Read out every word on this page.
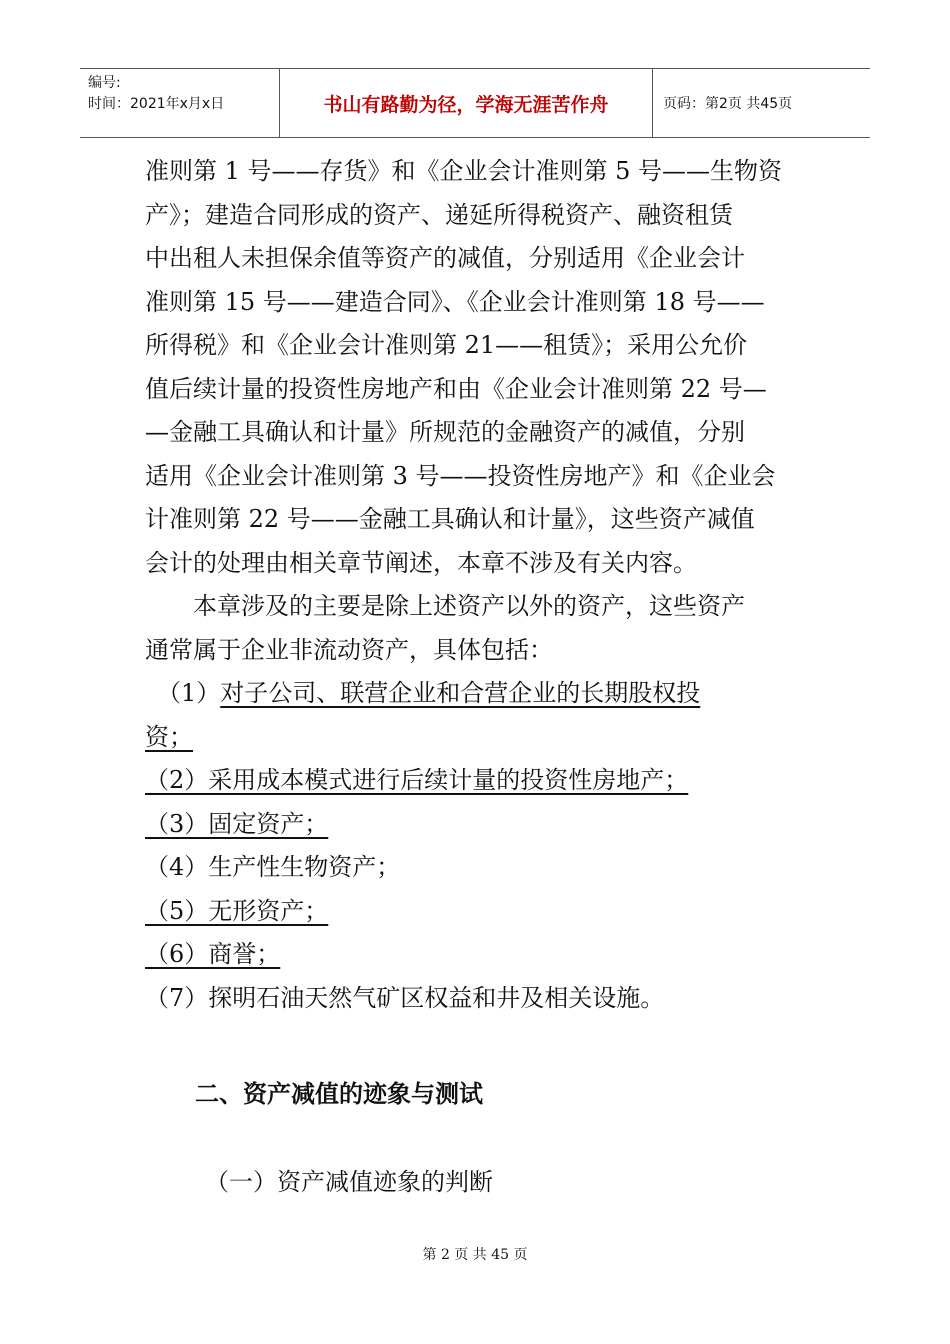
编号:
时间：2021年x月x日	书山有路勤为径，学海无涯苦作舟	页码：第2页 共45页
准则第 1 号——存货》和《企业会计准则第 5 号——生物资
产》；建造合同形成的资产、递延所得税资产、融资租赁
中出租人未担保余值等资产的减值，分别适用《企业会计
准则第 15 号——建造合同》、《企业会计准则第 18 号——
所得税》和《企业会计准则第 21——租赁》；采用公允价
值后续计量的投资性房地产和由《企业会计准则第 22 号—
—金融工具确认和计量》所规范的金融资产的减值，分别
适用《企业会计准则第 3 号——投资性房地产》和《企业会
计准则第 22 号——金融工具确认和计量》，这些资产减值
会计的处理由相关章节阐述，本章不涉及有关内容。
　　本章涉及的主要是除上述资产以外的资产，这些资产
通常属于企业非流动资产，具体包括：
　（1）对子公司、联营企业和合营企业的长期股权投
资；
（2）采用成本模式进行后续计量的投资性房地产；
（3）固定资产；
（4）生产性生物资产；
（5）无形资产；
（6）商誉；
（7）探明石油天然气矿区权益和井及相关设施。
二、资产减值的迹象与测试
（一）资产减值迹象的判断
第 2 页 共 45 页
